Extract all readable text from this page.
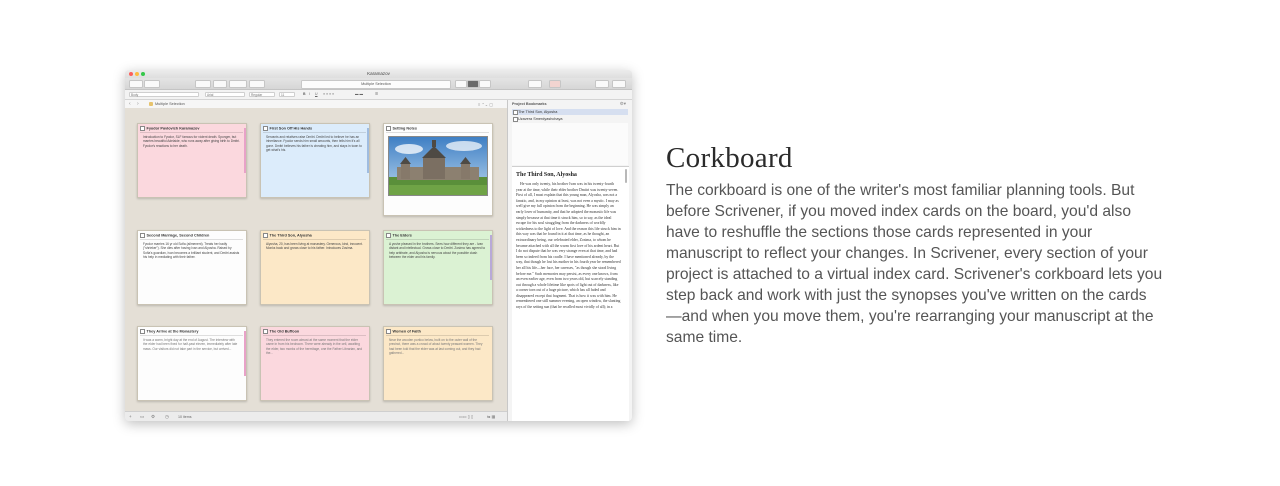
Karamazov
Multiple Selection
Body	Arial	Regular	11	B I U ≡ ≡ ≡ ≡	▬ ▬	☰
‹ ›	Multiple Selection	≡ ⌃⌄ ▢
Fyodor Pavlovich Karamazov
Introduction to Fyodor, SLF famous for violent death. Sponger, but marries beautiful Adelaide, who runs away after giving birth to Dmitri. Fyodor's reactions to her death.
First Son Off His Hands
Servants and relatives raise Dmitri. Dmitri led to believe he has an inheritance. Fyodor sends him small amounts, then tells him it's all gone. Dmitri believes his father is cheating him, and stays in town to get what's his.
Setting Notes
Second Marriage, Second Children
Fyodor marries 16 yr old Sofia (ailmenent). Treats her badly ("shrieker"). She dies after having Ivan and Alyosha. Raised by Sofia's guardian, Ivan becomes a brilliant student, and Dmitri assists his help in mediating with their father.
The Third Son, Alyosha
Alyosha, 20, has been living at monastery. Generous, kind, innocent. Monks back and grows close to his father. Introduces Zosima.
The Elders
A yoshe pleased in the brothers. Sees how different they are - Ivan distant and intellectual. Grows close to Dmitri. Zosima has agreed to help arbitrate, and Alyosha is nervous about the possible clash between the elder and his family.
They Arrive at the Monastery
It was a warm, bright day at the end of August. The interview with the elder had been fixed for half-past eleven, immediately after late mass. Our visitors did not take part in the service, but arrived...
The Old Buffoon
They entered the room almost at the same moment that the elder came in from his bedroom. There were already in the cell, awaiting the elder, two monks of the hermitage, one the Father Librarian, and the...
Women of Faith
Near the wooden portico below, built on to the outer wall of the precinct, there was a crowd of about twenty peasant women. They had been told that the elder was at last coming out, and they had gathered...
+ ▭ ⚙ ◷	10 items	▭▭ ▯ ▯	⇆ ▦
Project Bookmarks	⚙▾
The Third Son, Alyosha
Uzavera Smerdyashchaya
The Third Son, Alyosha
He was only twenty, his brother Ivan was in his twenty-fourth year at the time, while their elder brother Dmitri was twenty-seven. First of all, I must explain that this young man, Alyosha, was not a fanatic, and, in my opinion at least, was not even a mystic. I may as well give my full opinion from the beginning. He was simply an early lover of humanity, and that he adopted the monastic life was simply because at that time it struck him, so to say, as the ideal escape for his soul struggling from the darkness of worldly wickedness to the light of love. And the reason this life struck him in this way was that he found in it at that time, as he thought, an extraordinary being, our celebrated elder, Zosima, to whom he became attached with all the warm first love of his ardent heart. But I do not dispute that he was very strange even at that time, and had been so indeed from his cradle. I have mentioned already, by the way, that though he lost his mother in his fourth year he remembered her all his life—her face, her caresses, "as though she stood living before me." Such memories may persist, as every one knows, from an even earlier age, even from two years old, but scarcely standing out through a whole lifetime like spots of light out of darkness, like a corner torn out of a huge picture, which has all faded and disappeared except that fragment. That is how it was with him. He remembered one still summer evening, an open window, the slanting rays of the setting sun (that he recalled most vividly of all); in a
Corkboard
The corkboard is one of the writer's most familiar planning tools. But before Scrivener, if you moved index cards on the board, you'd also have to reshuffle the sections those cards represented in your manuscript to reflect your changes. In Scrivener, every section of your project is attached to a virtual index card. Scrivener's corkboard lets you step back and work with just the synopses you've written on the cards —and when you move them, you're rearranging your manuscript at the same time.
